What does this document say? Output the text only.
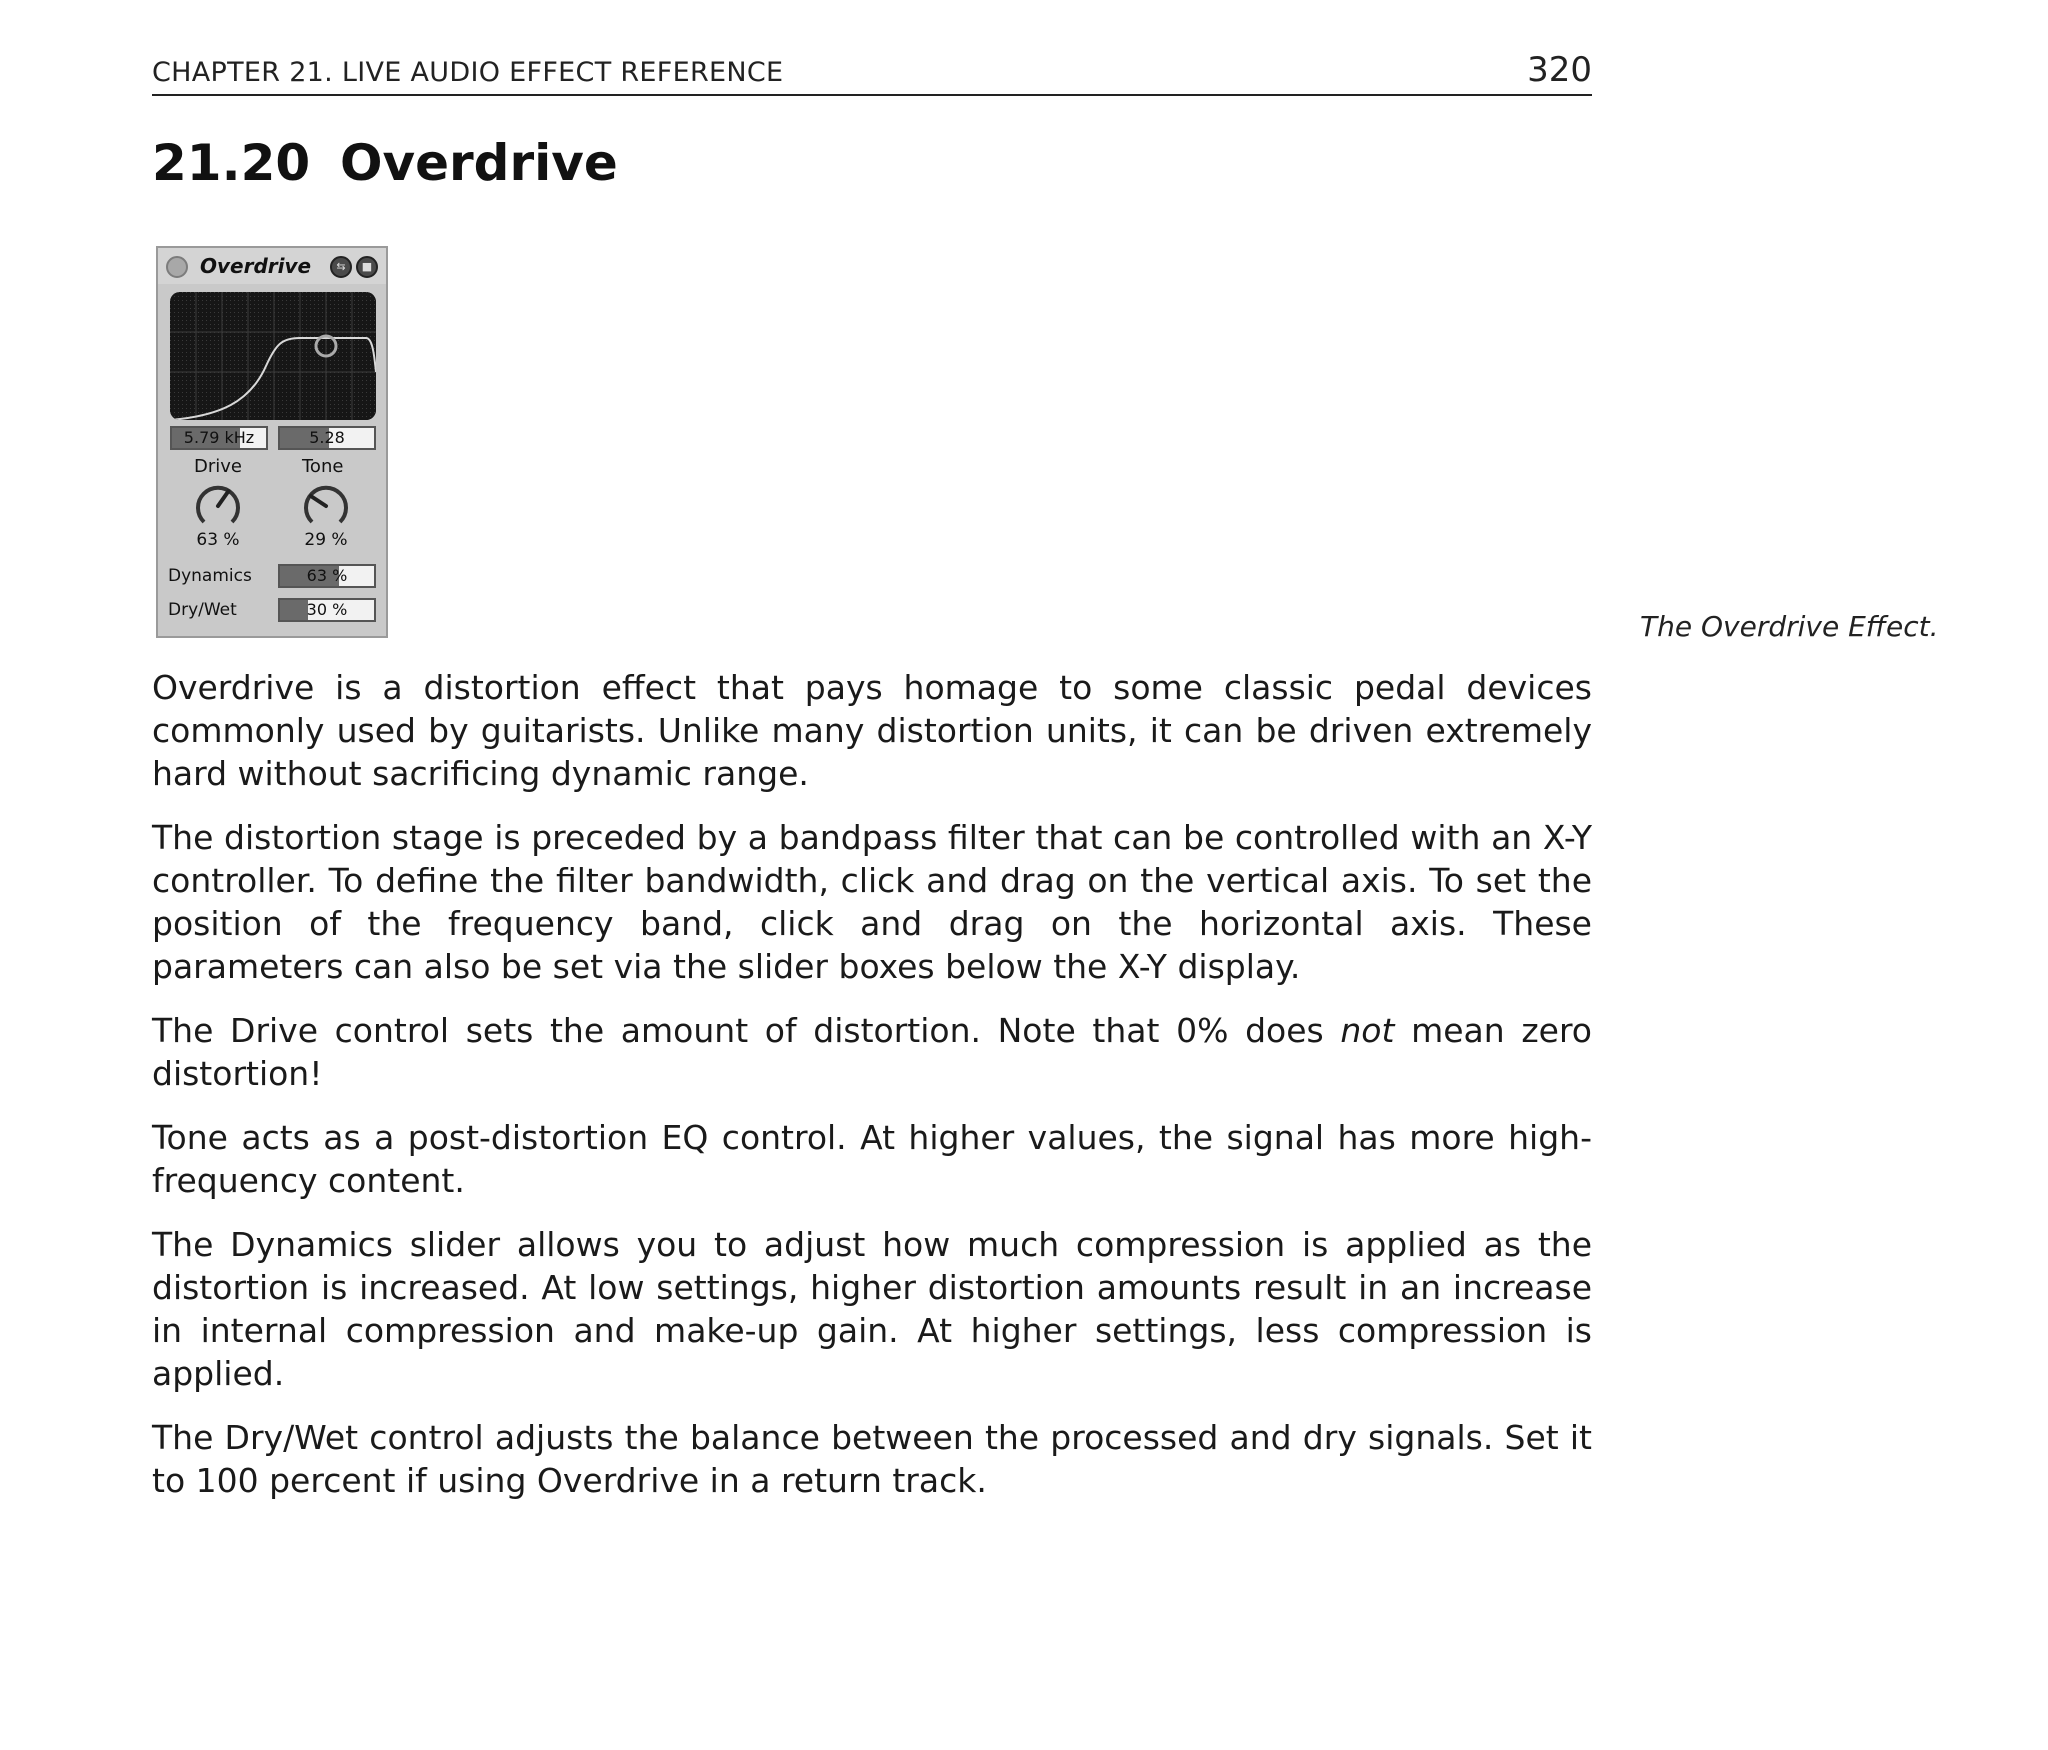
CHAPTER 21. LIVE AUDIO EFFECT REFERENCE	320
21.20 Overdrive
Overdrive	⇆	■
5.79 kHz	5.28
Drive	Tone
63 %	29 %
Dynamics	63 %
Dry/Wet	30 %
The Overdrive Effect.

Overdrive is a distortion effect that pays homage to some classic pedal devices commonly used by guitarists. Unlike many distortion units, it can be driven extremely hard without sacrificing dynamic range.

The distortion stage is preceded by a bandpass filter that can be controlled with an X-Y controller. To define the filter bandwidth, click and drag on the vertical axis. To set the position of the frequency band, click and drag on the horizontal axis. These parameters can also be set via the slider boxes below the X-Y display.

The Drive control sets the amount of distortion. Note that 0% does not mean zero distortion!

Tone acts as a post-distortion EQ control. At higher values, the signal has more high-frequency content.

The Dynamics slider allows you to adjust how much compression is applied as the distortion is increased. At low settings, higher distortion amounts result in an increase in internal compression and make-up gain. At higher settings, less compression is applied.

The Dry/Wet control adjusts the balance between the processed and dry signals. Set it to 100 percent if using Overdrive in a return track.
